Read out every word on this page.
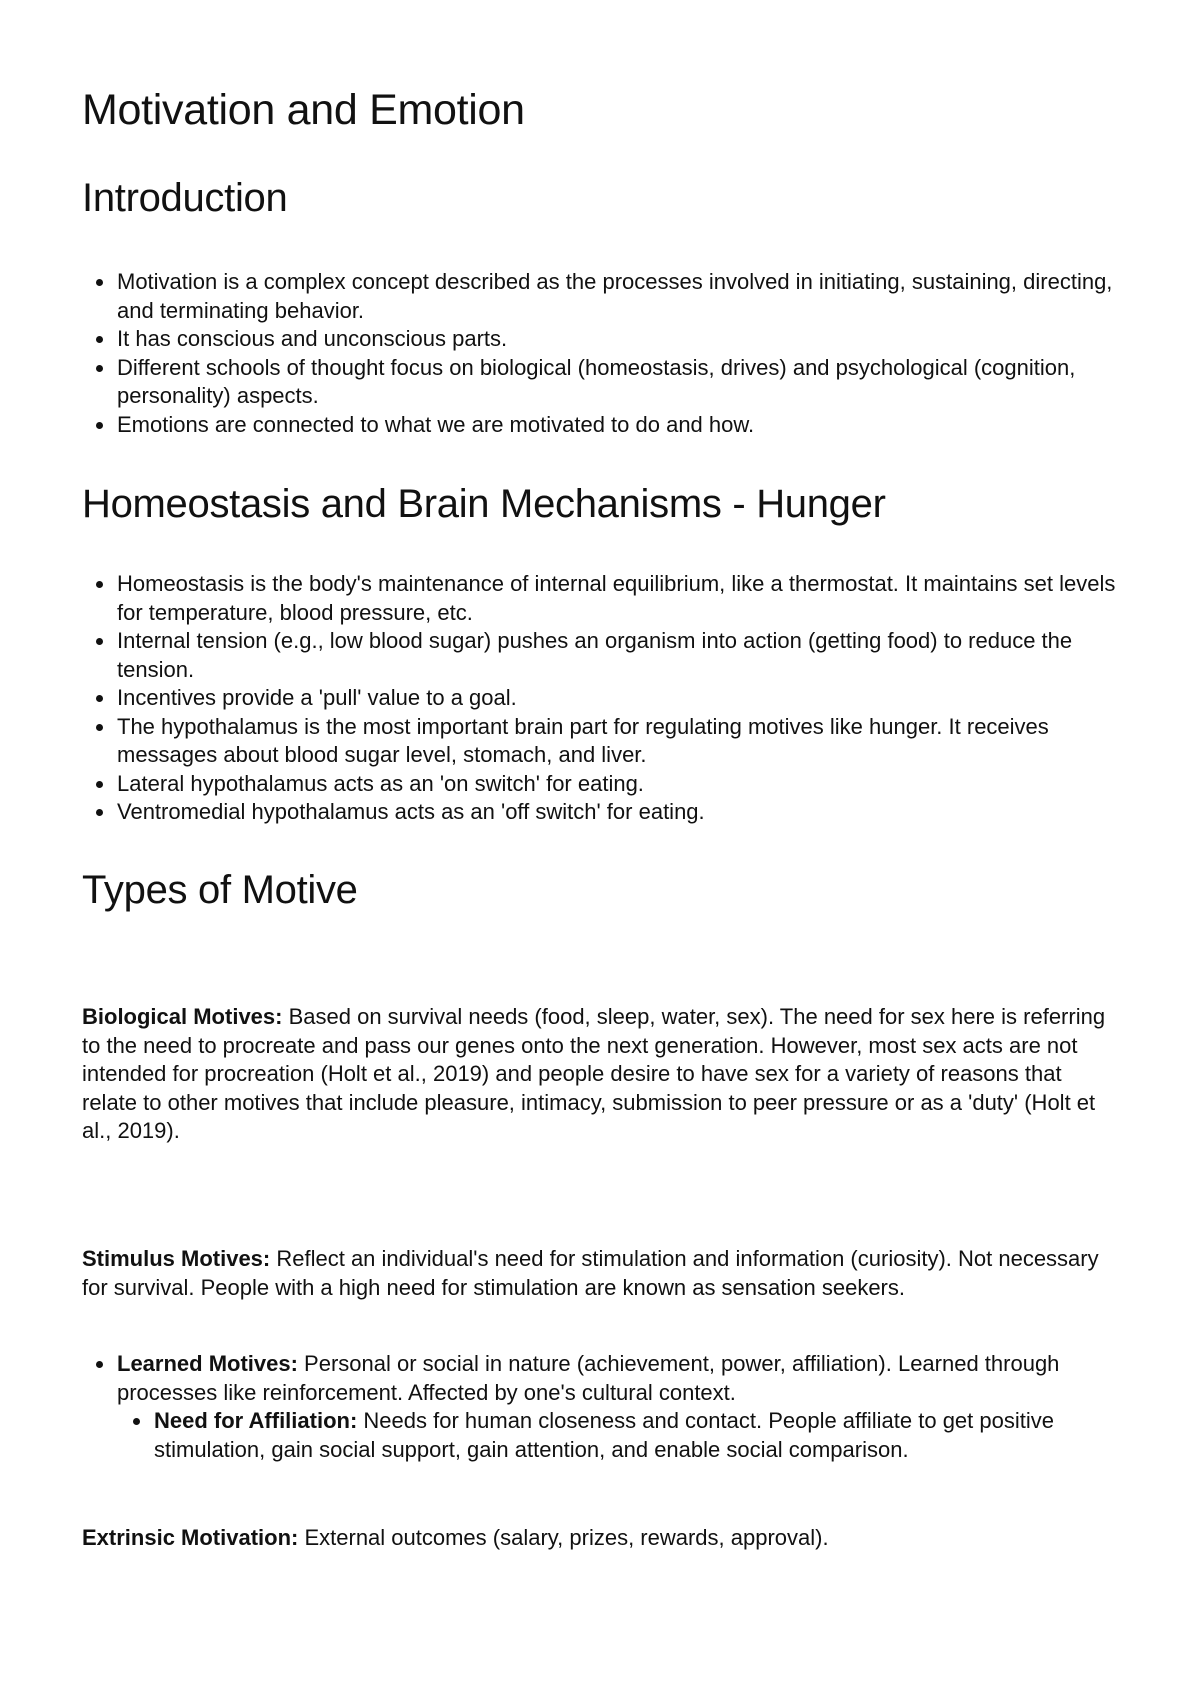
Motivation and Emotion
Introduction
Motivation is a complex concept described as the processes involved in initiating, sustaining, directing, and terminating behavior.
It has conscious and unconscious parts.
Different schools of thought focus on biological (homeostasis, drives) and psychological (cognition, personality) aspects.
Emotions are connected to what we are motivated to do and how.
Homeostasis and Brain Mechanisms - Hunger
Homeostasis is the body's maintenance of internal equilibrium, like a thermostat. It maintains set levels for temperature, blood pressure, etc.
Internal tension (e.g., low blood sugar) pushes an organism into action (getting food) to reduce the tension.
Incentives provide a 'pull' value to a goal.
The hypothalamus is the most important brain part for regulating motives like hunger. It receives messages about blood sugar level, stomach, and liver.
Lateral hypothalamus acts as an 'on switch' for eating.
Ventromedial hypothalamus acts as an 'off switch' for eating.
Types of Motive

Biological Motives: Based on survival needs (food, sleep, water, sex). The need for sex here is referring to the need to procreate and pass our genes onto the next generation. However, most sex acts are not intended for procreation (Holt et al., 2019) and people desire to have sex for a variety of reasons that relate to other motives that include pleasure, intimacy, submission to peer pressure or as a 'duty' (Holt et al., 2019).

Stimulus Motives: Reflect an individual's need for stimulation and information (curiosity). Not necessary for survival. People with a high need for stimulation are known as sensation seekers.

Learned Motives: Personal or social in nature (achievement, power, affiliation). Learned through processes like reinforcement. Affected by one's cultural context.
Need for Affiliation: Needs for human closeness and contact. People affiliate to get positive stimulation, gain social support, gain attention, and enable social comparison.

Extrinsic Motivation: External outcomes (salary, prizes, rewards, approval).
